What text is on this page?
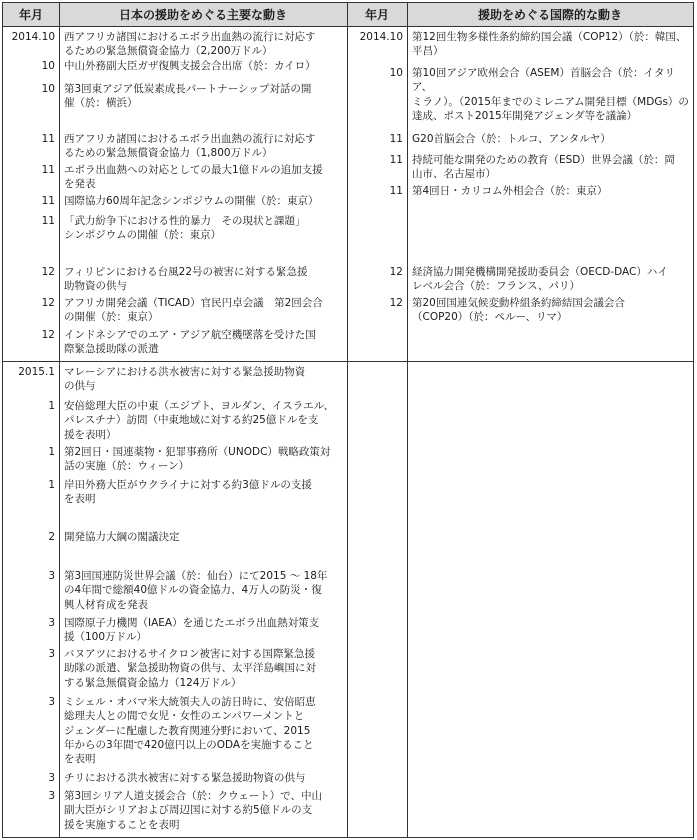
年月	日本の援助をめぐる主要な動き	年月	援助をめぐる国際的な動き
2014.10 西アフリカ諸国におけるエボラ出血熱の流行に対応す
るための緊急無償資金協力（2,200万ドル）
10 中山外務副大臣ガザ復興支援会合出席（於：カイロ）
10 第3回東アジア低炭素成長パートナーシップ対話の開
催（於：横浜）
11 西アフリカ諸国におけるエボラ出血熱の流行に対応す
るための緊急無償資金協力（1,800万ドル）
11 エボラ出血熱への対応としての最大1億ドルの追加支援
を発表
11 国際協力60周年記念シンポジウムの開催（於：東京）
11 「武力紛争下における性的暴力　その現状と課題」
シンポジウムの開催（於：東京）
12 フィリピンにおける台風22号の被害に対する緊急援
助物資の供与
12 アフリカ開発会議（TICAD）官民円卓会議　第2回会合
の開催（於：東京）
12 インドネシアでのエア・アジア航空機墜落を受けた国
際緊急援助隊の派遣
2014.10 第12回生物多様性条約締約国会議（COP12）（於：韓国、
平昌）
10 第10回アジア欧州会合（ASEM）首脳会合（於：イタリア、
ミラノ）。（2015年までのミレニアム開発目標（MDGs）の
達成、ポスト2015年開発アジェンダ等を議論）
11 G20首脳会合（於：トルコ、アンタルヤ）
11 持続可能な開発のための教育（ESD）世界会議（於：岡
山市、名古屋市）
11 第4回日・カリコム外相会合（於：東京）
12 経済協力開発機構開発援助委員会（OECD-DAC）ハイ
レベル会合（於：フランス、パリ）
12 第20回国連気候変動枠組条約締結国会議会合
（COP20）（於：ペルー、リマ）
2015.1 マレーシアにおける洪水被害に対する緊急援助物資
の供与
1 安倍総理大臣の中東（エジプト、ヨルダン、イスラエル、
パレスチナ）訪問（中東地域に対する約25億ドルを支
援を表明）
1 第2回日・国連薬物・犯罪事務所（UNODC）戦略政策対
話の実施（於：ウィーン）
1 岸田外務大臣がウクライナに対する約3億ドルの支援
を表明
2 開発協力大綱の閣議決定
3 第3回国連防災世界会議（於：仙台）にて2015 ～ 18年
の4年間で総額40億ドルの資金協力、4万人の防災・復
興人材育成を発表
3 国際原子力機関（IAEA）を通じたエボラ出血熱対策支
援（100万ドル）
3 バヌアツにおけるサイクロン被害に対する国際緊急援
助隊の派遣、緊急援助物資の供与、太平洋島嶼国に対
する緊急無償資金協力（124万ドル）
3 ミシェル・オバマ米大統領夫人の訪日時に、安倍昭恵
総理夫人との間で女児・女性のエンパワーメントと
ジェンダーに配慮した教育関連分野において、2015
年からの3年間で420億円以上のODAを実施すること
を表明
3 チリにおける洪水被害に対する緊急援助物資の供与
3 第3回シリア人道支援会合（於：クウェート）で、中山
副大臣がシリアおよび周辺国に対する約5億ドルの支
援を実施することを表明
